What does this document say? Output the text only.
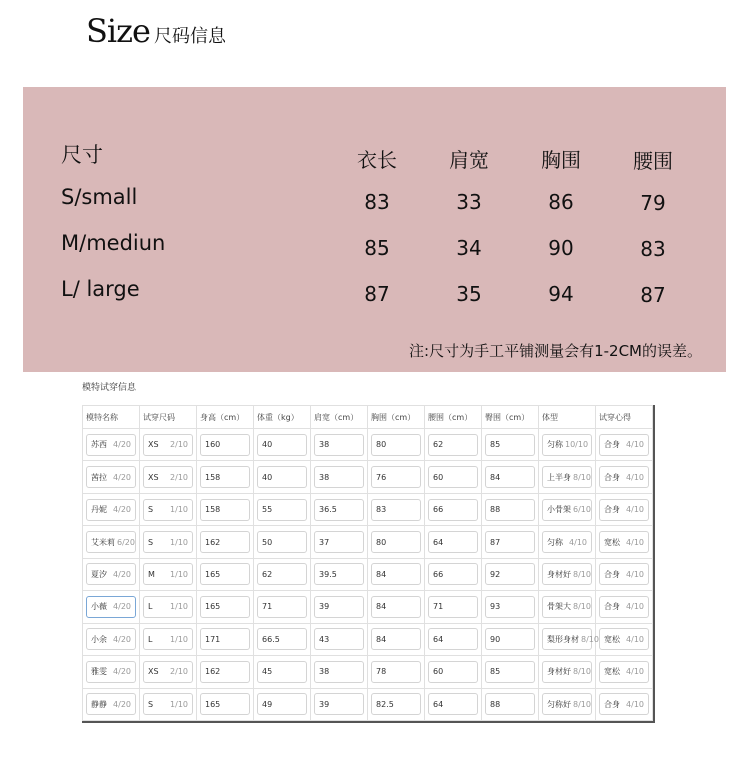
Size 尺码信息
尺寸	衣长	肩宽	胸围	腰围
S/small	83	33	86	79
M/mediun	85	34	90	83
L/ large	87	35	94	87
注:尺寸为手工平铺测量会有1-2CM的误差。
模特试穿信息
模特名称	试穿尺码	身高（cm）	体重（kg）	肩宽（cm）	胸围（cm）	腰围（cm）	臀围（cm）	体型	试穿心得

苏西 4/20	XS 2/10	160	40	38	80	62	85	匀称 10/10	合身 4/10

茜拉 4/20	XS 2/10	158	40	38	76	60	84	上半身 8/10	合身 4/10

丹妮 4/20	S 1/10	158	55	36.5	83	66	88	小骨架 6/10	合身 4/10

艾米莉 6/20	S 1/10	162	50	37	80	64	87	匀称 4/10	宽松 4/10

夏汐 4/20	M 1/10	165	62	39.5	84	66	92	身材好 8/10	合身 4/10

小薇 4/20	L 1/10	165	71	39	84	71	93	骨架大 8/10	合身 4/10

小余 4/20	L 1/10	171	66.5	43	84	64	90	梨形身材 8/10	宽松 4/10

雅雯 4/20	XS 2/10	162	45	38	78	60	85	身材好 8/10	宽松 4/10

静静 4/20	S 1/10	165	49	39	82.5	64	88	匀称好 8/10	合身 4/10
